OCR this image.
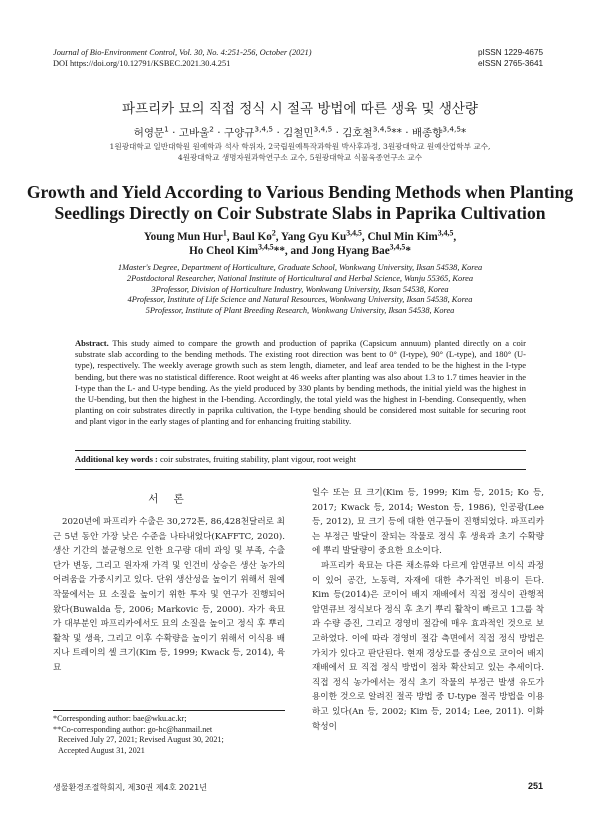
Journal of Bio-Environment Control, Vol. 30, No. 4:251-256, October (2021)
DOI https://doi.org/10.12791/KSBEC.2021.30.4.251
pISSN 1229-4675
eISSN 2765-3641
파프리카 묘의 직접 정식 시 절곡 방법에 따른 생육 및 생산량
허영문$^1$ · 고바울$^2$ · 구양규$^{3,4,5}$ · 김철민$^{3,4,5}$ · 김호철$^{3,4,5}$** · 배종향$^{3,4,5}$*
1원광대학교 일반대학원 원예학과 석사 학위자, 2국립원예특작과학원 박사후과정, 3원광대학교 원예산업학부 교수,
4원광대학교 생명자원과학연구소 교수, 5원광대학교 식물육종연구소 교수
Growth and Yield According to Various Bending Methods when Planting
Seedlings Directly on Coir Substrate Slabs in Paprika Cultivation
Young Mun Hur$^1$, Baul Ko$^2$, Yang Gyu Ku$^{3,4,5}$, Chul Min Kim$^{3,4,5}$,
Ho Cheol Kim$^{3,4,5}$**, and Jong Hyang Bae$^{3,4,5}$*
1Master's Degree, Department of Horticulture, Graduate School, Wonkwang University, Iksan 54538, Korea
2Postdoctoral Researcher, National Institute of Horticultural and Herbal Science, Wanju 55365, Korea
3Professor, Division of Horticulture Industry, Wonkwang University, Iksan 54538, Korea
4Professor, Institute of Life Science and Natural Resources, Wonkwang University, Iksan 54538, Korea
5Professor, Institute of Plant Breeding Research, Wonkwang University, Iksan 54538, Korea
Abstract. This study aimed to compare the growth and production of paprika (Capsicum annuum) planted directly on a coir substrate slab according to the bending methods. The existing root direction was bent to 0° (I-type), 90° (L-type), and 180° (U-type), respectively. The weekly average growth such as stem length, diameter, and leaf area tended to be the highest in the I-type bending, but there was no statistical difference. Root weight at 46 weeks after planting was also about 1.3 to 1.7 times heavier in the I-type than the L- and U-type bending. As the yield produced by 330 plants by bending methods, the initial yield was the highest in the U-bending, but then the highest in the I-bending. Accordingly, the total yield was the highest in I-bending. Consequently, when planting on coir substrates directly in paprika cultivation, the I-type bending should be considered most suitable for securing root and plant vigor in the early stages of planting and for enhancing fruiting stability.
Additional key words : coir substrates, fruiting stability, plant vigour, root weight
서 론

2020년에 파프리카 수출은 30,272톤, 86,428천달러로 최근 5년 동안 가장 낮은 수준을 나타내었다(KAFFTC, 2020). 생산 기간의 불균형으로 인한 요구량 대비 과잉 및 부족, 수출 단가 변동, 그리고 원자재 가격 및 인건비 상승은 생산 농가의 어려움을 가중시키고 있다. 단위 생산성을 높이기 위해서 원예 작물에서는 묘 소질을 높이기 위한 투자 및 연구가 진행되어 왔다(Buwalda 등, 2006; Markovic 등, 2000). 자가 육묘가 대부분인 파프리카에서도 묘의 소질을 높이고 정식 후 뿌리 활착 및 생육, 그리고 이후 수확량을 높이기 위해서 이식용 배지나 트레이의 셀 크기(Kim 등, 1999; Kwack 등, 2014), 육묘

*Corresponding author: bae@wku.ac.kr;
**Co-corresponding author: go-hc@hanmail.net
Received July 27, 2021; Revised August 30, 2021;
Accepted August 31, 2021

일수 또는 묘 크기(Kim 등, 1999; Kim 등, 2015; Ko 등, 2017; Kwack 등, 2014; Weston 등, 1986), 인공광(Lee 등, 2012), 묘 크기 등에 대한 연구들이 진행되었다. 파프리카는 부정근 발달이 잘되는 작물로 정식 후 생육과 초기 수확량에 뿌리 발달량이 중요한 요소이다.

파프리카 육묘는 다른 채소류와 다르게 암면큐브 이식 과정이 있어 공간, 노동력, 자재에 대한 추가적인 비용이 든다. Kim 등(2014)은 코이어 배지 재배에서 직접 정식이 관행적 암면큐브 정식보다 정식 후 초기 뿌리 활착이 빠르고 1그룹 착과 수량 증진, 그리고 경영비 절감에 매우 효과적인 것으로 보고하였다. 이에 따라 경영비 절감 측면에서 직접 정식 방법은 가치가 있다고 판단된다. 현재 경상도를 중심으로 코이어 배지 재배에서 묘 직접 정식 방법이 점차 확산되고 있는 추세이다. 직접 정식 농가에서는 정식 초기 작물의 부정근 발생 유도가 용이한 것으로 알려진 절곡 방법 중 U-type 절곡 방법을 이용하고 있다(An 등, 2002; Kim 등, 2014; Lee, 2011). 이화학성이

생물환경조절학회지, 제30권 제4호 2021년	251
